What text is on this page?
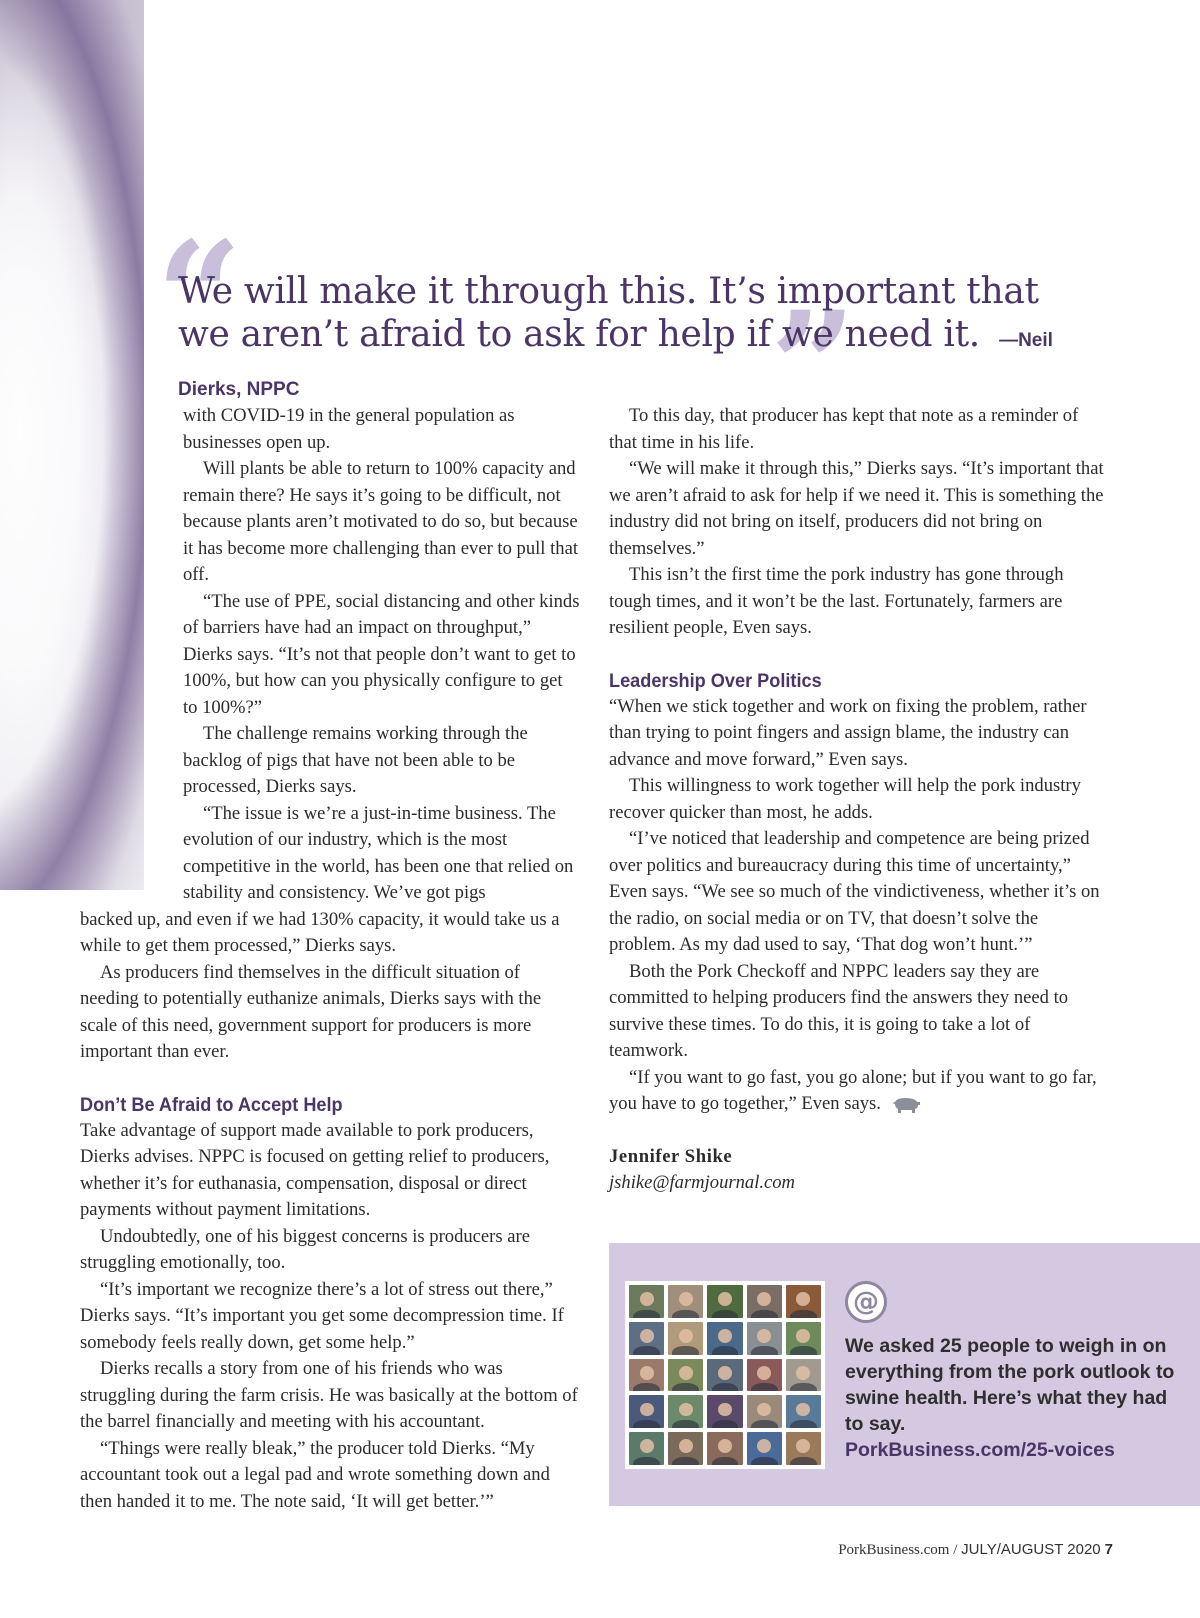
“	”
We will make it through this. It’s important that we aren’t afraid to ask for help if we need it. —Neil Dierks, NPPC

with COVID-19 in the general population as businesses open up.

Will plants be able to return to 100% capacity and remain there? He says it’s going to be difficult, not because plants aren’t motivated to do so, but because it has become more challenging than ever to pull that off.

“The use of PPE, social distancing and other kinds of barriers have had an impact on throughput,” Dierks says. “It’s not that people don’t want to get to 100%, but how can you physically configure to get to 100%?”

The challenge remains working through the backlog of pigs that have not been able to be processed, Dierks says.

“The issue is we’re a just-in-time business. The evolution of our industry, which is the most competitive in the world, has been one that relied on stability and consistency. We’ve got pigs

backed up, and even if we had 130% capacity, it would take us a while to get them processed,” Dierks says.

As producers find themselves in the difficult situation of needing to potentially euthanize animals, Dierks says with the scale of this need, government support for producers is more important than ever.

Don’t Be Afraid to Accept Help

Take advantage of support made available to pork producers, Dierks advises. NPPC is focused on getting relief to producers, whether it’s for euthanasia, compensation, disposal or direct payments without payment limitations.

Undoubtedly, one of his biggest concerns is producers are struggling emotionally, too.

“It’s important we recognize there’s a lot of stress out there,” Dierks says. “It’s important you get some decompression time. If somebody feels really down, get some help.”

Dierks recalls a story from one of his friends who was struggling during the farm crisis. He was basically at the bottom of the barrel financially and meeting with his accountant.

“Things were really bleak,” the producer told Dierks. “My accountant took out a legal pad and wrote something down and then handed it to me. The note said, ‘It will get better.’”

To this day, that producer has kept that note as a reminder of that time in his life.

“We will make it through this,” Dierks says. “It’s important that we aren’t afraid to ask for help if we need it. This is something the industry did not bring on itself, producers did not bring on themselves.”

This isn’t the first time the pork industry has gone through tough times, and it won’t be the last. Fortunately, farmers are resilient people, Even says.

Leadership Over Politics

“When we stick together and work on fixing the problem, rather than trying to point fingers and assign blame, the industry can advance and move forward,” Even says.

This willingness to work together will help the pork industry recover quicker than most, he adds.

“I’ve noticed that leadership and competence are being prized over politics and bureaucracy during this time of uncertainty,” Even says. “We see so much of the vindictiveness, whether it’s on the radio, on social media or on TV, that doesn’t solve the problem. As my dad used to say, ‘That dog won’t hunt.’”

Both the Pork Checkoff and NPPC leaders say they are committed to helping producers find the answers they need to survive these times. To do this, it is going to take a lot of teamwork.

“If you want to go fast, you go alone; but if you want to go far, you have to go together,” Even says.

Jennifer Shike

jshike@farmjournal.com

@
We asked 25 people to weigh in on everything from the pork outlook to swine health. Here’s what they had to say.
PorkBusiness.com/25-voices
PorkBusiness.com / JULY/AUGUST 2020 7
